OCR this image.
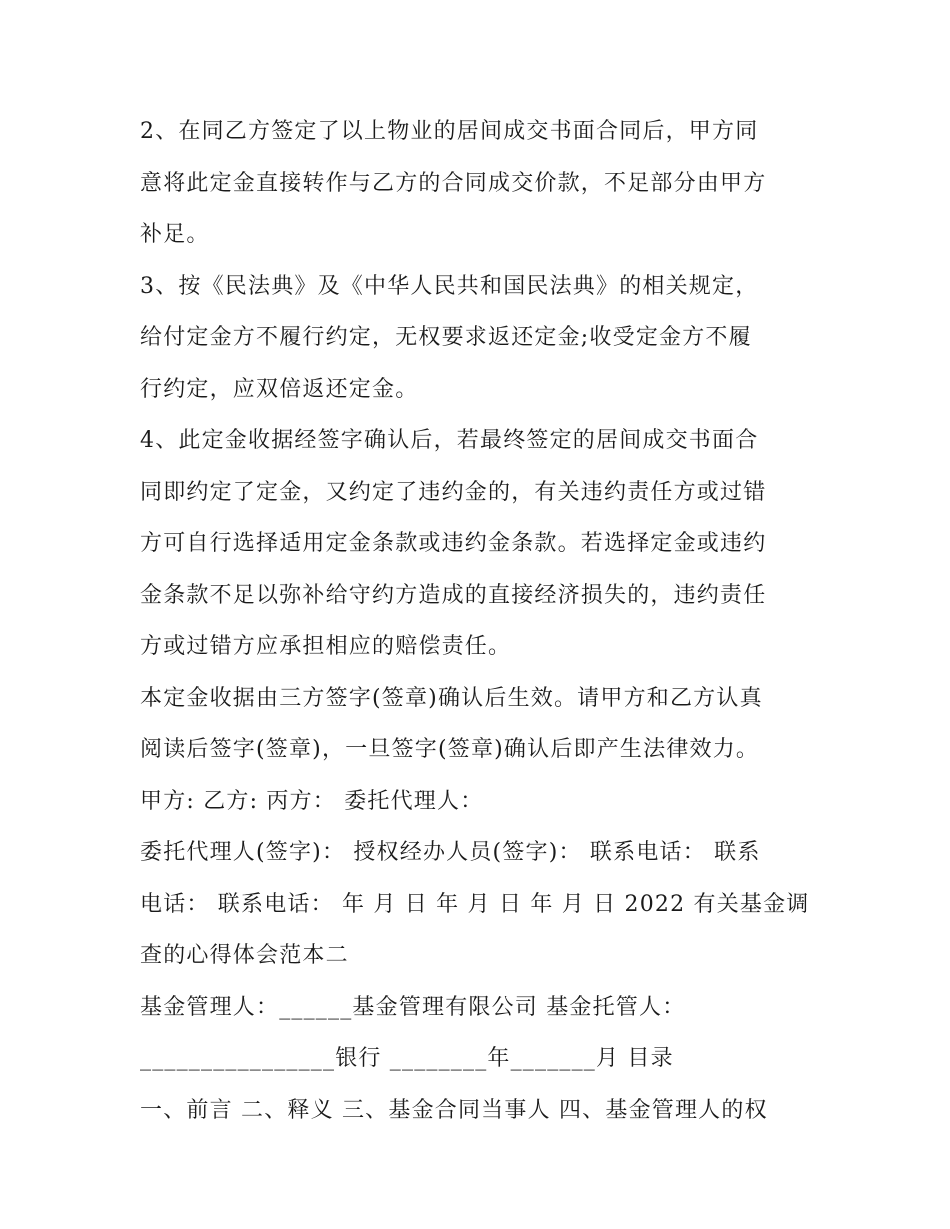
2、在同乙方签定了以上物业的居间成交书面合同后，甲方同
意将此定金直接转作与乙方的合同成交价款，不足部分由甲方
补足。
3、按《民法典》及《中华人民共和国民法典》的相关规定，
给付定金方不履行约定，无权要求返还定金;收受定金方不履
行约定，应双倍返还定金。
4、此定金收据经签字确认后，若最终签定的居间成交书面合
同即约定了定金，又约定了违约金的，有关违约责任方或过错
方可自行选择适用定金条款或违约金条款。若选择定金或违约
金条款不足以弥补给守约方造成的直接经济损失的，违约责任
方或过错方应承担相应的赔偿责任。
本定金收据由三方签字(签章)确认后生效。请甲方和乙方认真
阅读后签字(签章)，一旦签字(签章)确认后即产生法律效力。
甲方: 乙方: 丙方： 委托代理人：
委托代理人(签字)： 授权经办人员(签字)： 联系电话： 联系
电话： 联系电话： 年 月 日 年 月 日 年 月 日 2022 有关基金调
查的心得体会范本二
基金管理人：______基金管理有限公司 基金托管人：
________________银行 ________年_______月 目录
一、前言 二、释义 三、基金合同当事人 四、基金管理人的权
